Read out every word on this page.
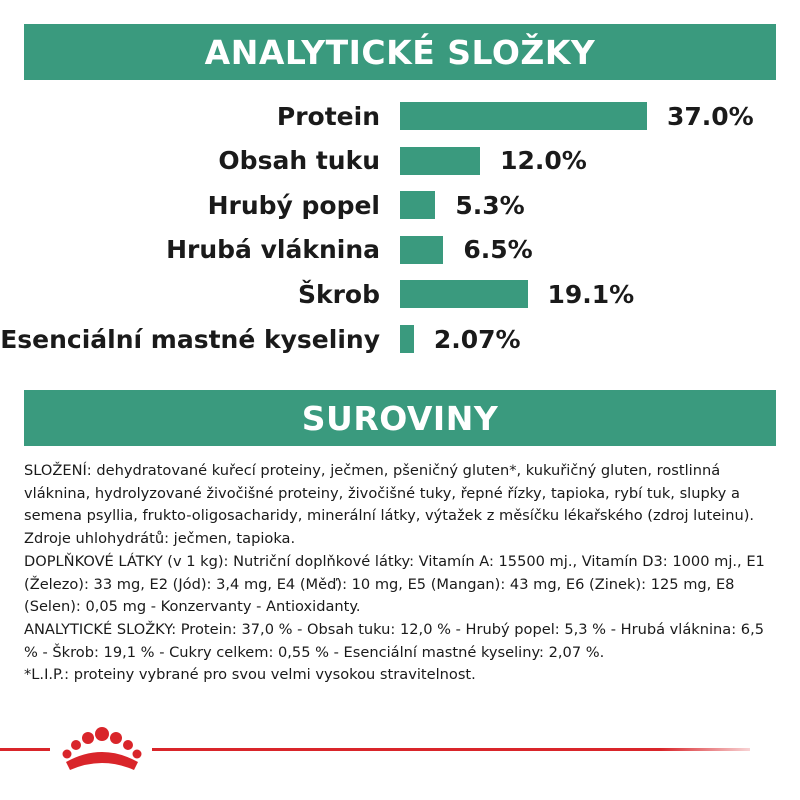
ANALYTICKÉ SLOŽKY
Protein	37.0%
Obsah tuku	12.0%
Hrubý popel	5.3%
Hrubá vláknina	6.5%
Škrob	19.1%
Esenciální mastné kyseliny 2.07%
SUROVINY

SLOŽENÍ: dehydratované kuřecí proteiny, ječmen, pšeničný gluten*, kukuřičný gluten, rostlinná vláknina, hydrolyzované živočišné proteiny, živočišné tuky, řepné řízky, tapioka, rybí tuk, slupky a semena psyllia, frukto-oligosacharidy, minerální látky, výtažek z měsíčku lékařského (zdroj luteinu). Zdroje uhlohydrátů: ječmen, tapioka.

DOPLŇKOVÉ LÁTKY (v 1 kg): Nutriční doplňkové látky: Vitamín A: 15500 mj., Vitamín D3: 1000 mj., E1 (Železo): 33 mg, E2 (Jód): 3,4 mg, E4 (Měď): 10 mg, E5 (Mangan): 43 mg, E6 (Zinek): 125 mg, E8 (Selen): 0,05 mg - Konzervanty - Antioxidanty.

ANALYTICKÉ SLOŽKY: Protein: 37,0 % - Obsah tuku: 12,0 % - Hrubý popel: 5,3 % - Hrubá vláknina: 6,5 % - Škrob: 19,1 % - Cukry celkem: 0,55 % - Esenciální mastné kyseliny: 2,07 %.

*L.I.P.: proteiny vybrané pro svou velmi vysokou stravitelnost.
